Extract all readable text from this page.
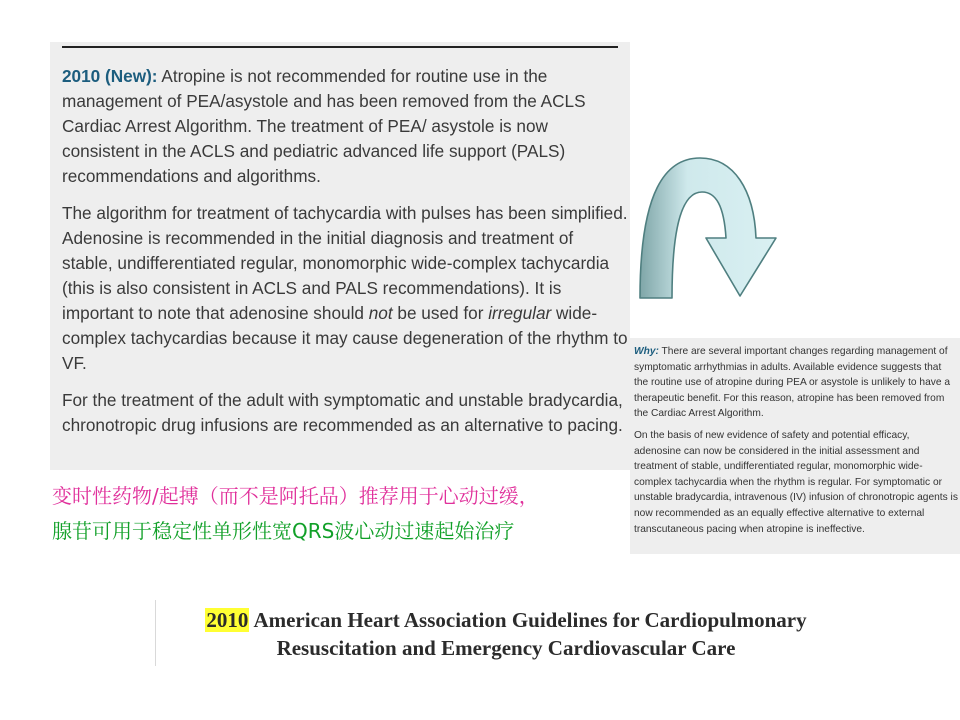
2010 (New): Atropine is not recommended for routine use in the management of PEA/asystole and has been removed from the ACLS Cardiac Arrest Algorithm. The treatment of PEA/ asystole is now consistent in the ACLS and pediatric advanced life support (PALS) recommendations and algorithms.

The algorithm for treatment of tachycardia with pulses has been simplified. Adenosine is recommended in the initial diagnosis and treatment of stable, undifferentiated regular, monomorphic wide-complex tachycardia (this is also consistent in ACLS and PALS recommendations). It is important to note that adenosine should not be used for irregular wide-complex tachycardias because it may cause degeneration of the rhythm to VF.

For the treatment of the adult with symptomatic and unstable bradycardia, chronotropic drug infusions are recommended as an alternative to pacing.

变时性药物/起搏（而不是阿托品）推荐用于心动过缓，
腺苷可用于稳定性单形性宽QRS波心动过速起始治疗

Why: There are several important changes regarding management of symptomatic arrhythmias in adults. Available evidence suggests that the routine use of atropine during PEA or asystole is unlikely to have a therapeutic benefit. For this reason, atropine has been removed from the Cardiac Arrest Algorithm.

On the basis of new evidence of safety and potential efficacy, adenosine can now be considered in the initial assessment and treatment of stable, undifferentiated regular, monomorphic wide-complex tachycardia when the rhythm is regular. For symptomatic or unstable bradycardia, intravenous (IV) infusion of chronotropic agents is now recommended as an equally effective alternative to external transcutaneous pacing when atropine is ineffective.

2010 American Heart Association Guidelines for Cardiopulmonary
Resuscitation and Emergency Cardiovascular Care
